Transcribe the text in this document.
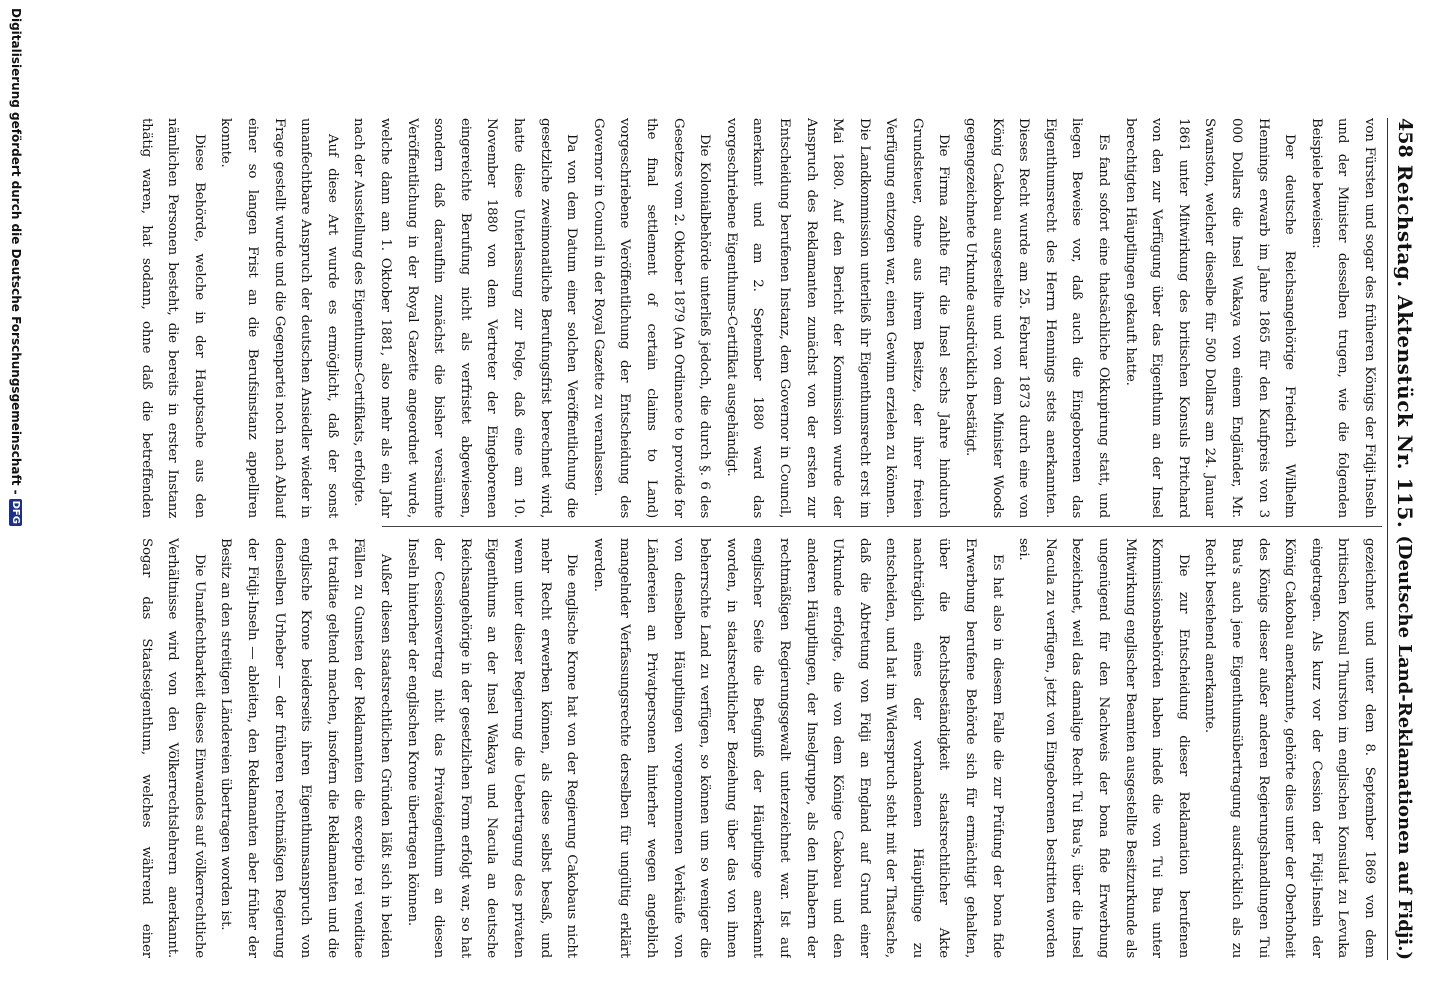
458
Reichstag. Aktenstück Nr. 115.
(Deutsche Land-Reklamationen auf Fidji.)

von Fürsten und sogar des früheren Königs der Fidji-Inseln und der Minister desselben trugen, wie die folgenden Beispiele beweisen:

Der deutsche Reichsangehörige Friedrich Wilhelm Hennings erwarb im Jahre 1865 für den Kaufpreis von 3 000 Dollars die Insel Wakaya von einem Engländer, Mr. Swanston, welcher dieselbe für 500 Dollars am 24. Januar 1861 unter Mitwirkung des britischen Konsuls Pritchard von den zur Verfügung über das Eigenthum an der Insel berechtigten Häuptlingen gekauft hatte.

Es fand sofort eine thatsächliche Okkupirung statt, und liegen Beweise vor, daß auch die Eingeborenen das Eigenthumsrecht des Herrn Hennings stets anerkannten. Dieses Recht wurde am 25. Februar 1873 durch eine von König Cakobau ausgestellte und von dem Minister Woods gegengezeichnete Urkunde ausdrücklich bestätigt.

Die Firma zahlte für die Insel sechs Jahre hindurch Grundsteuer, ohne aus ihrem Besitze, der ihrer freien Verfügung entzogen war, einen Gewinn erzielen zu können. Die Landkommission unterließ ihr Eigenthumsrecht erst im Mai 1880. Auf den Bericht der Kommission wurde der Anspruch des Reklamanten zunächst von der ersten zur Entscheidung berufenen Instanz, dem Governor in Council, anerkannt und am 2. September 1880 ward das vorgeschriebene Eigenthums-Certifikat ausgehändigt.

Die Kolonialbehörde unterließ jedoch, die durch §. 6 des Gesetzes vom 2. Oktober 1879 (An Ordinance to provide for the final settlement of certain claims to Land) vorgeschriebene Veröffentlichung der Entscheidung des Governor in Council in der Royal Gazette zu veranlassen.

Da von dem Datum einer solchen Veröffentlichung die gesetzliche zweimonatliche Berufungsfrist berechnet wird, hatte diese Unterlassung zur Folge, daß eine am 10. November 1880 von dem Vertreter der Eingeborenen eingereichte Berufung nicht als verfristet abgewiesen, sondern daß daraufhin zunächst die bisher versäumte Veröffentlichung in der Royal Gazette angeordnet wurde, welche dann am 1. Oktober 1881, also mehr als ein Jahr nach der Ausstellung des Eigenthums-Certifikats, erfolgte.

Auf diese Art wurde es ermöglicht, daß der sonst unanfechtbare Anspruch der deutschen Ansiedler wieder in Frage gestellt wurde und die Gegenpartei noch nach Ablauf einer so langen Frist an die Berufsinstanz appelliren konnte.

Diese Behörde, welche in der Hauptsache aus den nämlichen Personen besteht, die bereits in erster Instanz thätig waren, hat sodann, ohne daß die betreffenden

gezeichnet und unter dem 8. September 1869 von dem britischen Konsul Thurston im englischen Konsulat zu Levuka eingetragen. Als kurz vor der Cession der Fidji-Inseln der König Cakobau anerkannte, gehörte dies unter der Oberhoheit des Königs dieser außer anderen Regierungshandlungen Tui Bua's auch jene Eigenthumsübertragung ausdrücklich als zu Recht bestehend anerkannte.

Die zur Entscheidung dieser Reklamation berufenen Kommissionsbehörden haben indeß die von Tui Bua unter Mitwirkung englischer Beamten ausgestellte Besitzurkunde als ungenügend für den Nachweis der bona fide Erwerbung bezeichnet, weil das damalige Recht Tui Bua's, über die Insel Nacula zu verfügen, jetzt von Eingeborenen bestritten worden sei.

Es hat also in diesem Falle die zur Prüfung der bona fide Erwerbung berufene Behörde sich für ermächtigt gehalten, über die Rechtsbeständigkeit staatsrechtlicher Akte nachträglich eines der vorhandenen Häuptlinge zu entscheiden, und hat im Widerspruch steht mit der Thatsache, daß die Abtretung von Fidji an England auf Grund einer Urkunde erfolgte, die von dem Könige Cakobau und den anderen Häuptlingen, der Inselgruppe, als den Inhabern der rechtmäßigen Regierungsgewalt unterzeichnet war. Ist auf englischer Seite die Befugniß der Häuptlinge anerkannt worden, in staatsrechtlicher Beziehung über das von ihnen beherrschte Land zu verfügen, so können um so weniger die von denselben Häuptlingen vorgenommenen Verkäufe von Ländereien an Privatpersonen hinterher wegen angeblich mangelnder Verfassungsrechte derselben für ungültig erklärt werden.

Die englische Krone hat von der Regierung Cakobaus nicht mehr Recht erwerben können, als diese selbst besaß, und wenn unter dieser Regierung die Uebertragung des privaten Eigenthums an der Insel Wakaya und Nacula an deutsche Reichsangehörige in der gesetzlichen Form erfolgt war, so hat der Cessionsvertrag nicht das Privateigenthum an diesen Inseln hinterher der englischen Krone übertragen können.

Außer diesen staatsrechtlichen Gründen läßt sich in beiden Fällen zu Gunsten der Reklamanten die exceptio rei venditae et traditae geltend machen, insofern die Reklamanten und die englische Krone beiderseits ihren Eigenthumsanspruch von denselben Urheber — der früheren rechtmäßigen Regierung der Fidji-Inseln — ableiten, den Reklamanten aber früher der Besitz an den streitigen Ländereien übertragen worden ist.

Die Unanfechtbarkeit dieses Einwandes auf völkerrechtliche Verhältnisse wird von den Völkerrechtslehrern anerkannt. Sogar das Staatseigenthum, welches während einer

Digitalisierung gefördert durch die Deutsche Forschungsgemeinschaft -DFG
